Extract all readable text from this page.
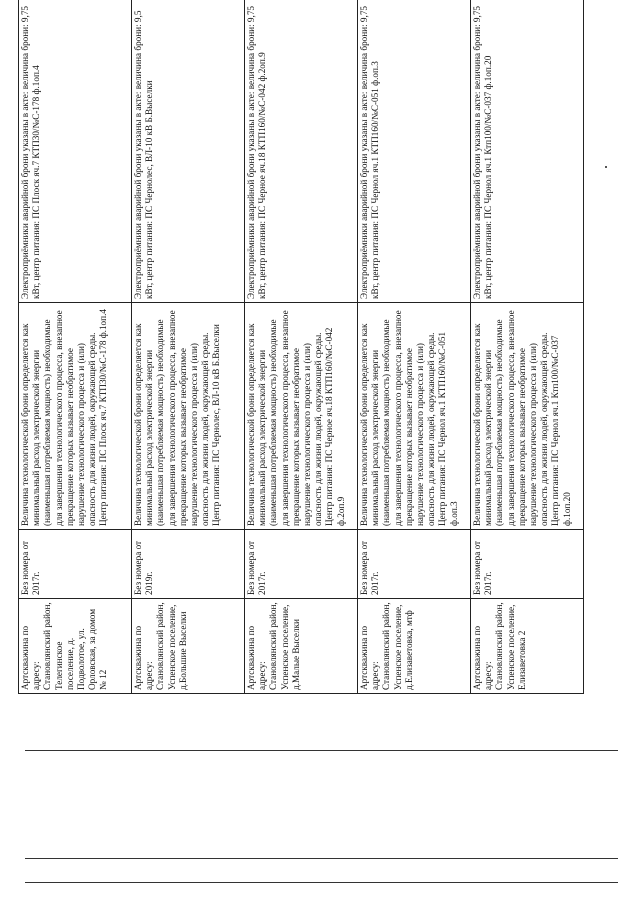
Артскважина по адресу: Становлянский район, Телегинское поселение, д. Подволотое, ул. Орловская, за домом № 12	Без номера от 2017г.	Величина технологической брони определяется как минимальный расход электрической энергии (наименьшая потребляемая мощность) необходимые для завершения технологического процесса, внезапное прекращение которых вызывает необратимое нарушение технологического процесса и (или) опасность для жизни людей, окружающей среды. Центр питания: ПС Плоск яч.7 КТП30/№С-178 ф.1оп.4	Электроприёмники аварийной брони указаны в акте: величина брони: 9,75 кВт, центр питания: ПС Плоск яч.7 КТП30/№С-178 ф.1оп.4
Артскважина по адресу: Становлянский район, Успенское поселение, д.Большие Выселки	Без номера от 2019г.	Величина технологической брони определяется как минимальный расход электрической энергии (наименьшая потребляемая мощность) необходимые для завершения технологического процесса, внезапное прекращение которых вызывает необратимое нарушение технологического процесса и (или) опасность для жизни людей, окружающей среды. Центр питания: ПС Чернолес, ВЛ-10 кВ Б.Выселки	Электроприёмники аварийной брони указаны в акте: величина брони: 9,5 кВт, центр питания: ПС Чернолес, ВЛ-10 кВ Б.Выселки
Артскважина по адресу: Становлянский район, Успенское поселение, д.Малые Выселки	Без номера от 2017г.	Величина технологической брони определяется как минимальный расход электрической энергии (наименьшая потребляемая мощность) необходимые для завершения технологического процесса, внезапное прекращение которых вызывает необратимое нарушение технологического процесса и (или) опасность для жизни людей, окружающей среды. Центр питания: ПС Черное яч.18 КТП160/№С-042 ф.2оп.9	Электроприёмники аварийной брони указаны в акте: величина брони: 9,75 кВт, центр питания: ПС Черное яч.18 КТП160/№С-042 ф.2оп.9
Артскважина по адресу: Становлянский район, Успенское поселение, д.Елизаветовка, мтф	Без номера от 2017г.	Величина технологической брони определяется как минимальный расход электрической энергии (наименьшая потребляемая мощность) необходимые для завершения технологического процесса, внезапное прекращение которых вызывает необратимое нарушение технологического процесса и (или) опасность для жизни людей, окружающей среды. Центр питания: ПС Чернол яч.1 КТП160/№С-051 ф.оп.3	Электроприёмники аварийной брони указаны в акте: величина брони: 9,75 кВт, центр питания: ПС Чернол яч.1 КТП160/№С-051 ф.оп.3
Артскважина по адресу: Становлянский район, Успенское поселение, Елизаветовка 2	Без номера от 2017г.	Величина технологической брони определяется как минимальный расход электрической энергии (наименьшая потребляемая мощность) необходимые для завершения технологического процесса, внезапное прекращение которых вызывает необратимое нарушение технологического процесса и (или) опасность для жизни людей, окружающей среды. Центр питания: ПС Чернол яч.1 Ктп100/№С-037 ф.1оп.20	Электроприёмники аварийной брони указаны в акте: величина брони: 9,75 кВт, центр питания: ПС Чернол яч.1 Ктп100/№С-037 ф.1оп.20
